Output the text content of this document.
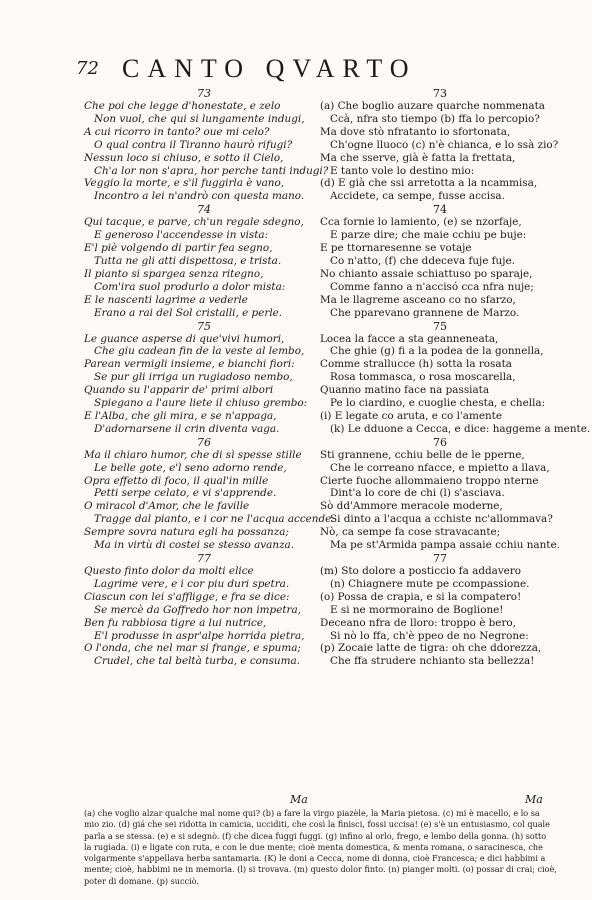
72 CANTO QVARTO
73
Che poi che legge d'honestate, e zelo
Non vuol, che qui si lungamente indugi,
A cui ricorro in tanto? oue mi celo?
O qual contra il Tiranno haurò rifugi?
Nessun loco si chiuso, e sotto il Cielo,
Ch'a lor non s'apra, hor perche tanti indugi?
Veggio la morte, e s'il fuggirla è vano,
Incontro a lei n'andrò con questa mano.
74
Qui tacque, e parve, ch'un regale sdegno,
E generoso l'accendesse in vista:
E'l piè volgendo di partir fea segno,
Tutta ne gli atti dispettosa, e trista.
Il pianto si spargea senza ritegno,
Com'ira suol produrlo a dolor mista:
E le nascenti lagrime a vederle
Erano a rai del Sol cristalli, e perle.
75
Le guance asperse di que'vivi humori,
Che giu cadean fin de la veste al lembo,
Parean vermigli insieme, e bianchi fiori:
Se pur gli irriga un rugiadoso nembo,
Quando su l'apparir de' primi albori
Spiegano a l'aure liete il chiuso grembo:
E l'Alba, che gli mira, e se n'appaga,
D'adornarsene il crin diventa vaga.
76
Ma il chiaro humor, che di sì spesse stille
Le belle gote, e'l seno adorno rende,
Opra effetto di foco, il qual'in mille
Petti serpe celato, e vi s'apprende.
O miracol d'Amor, che le faville
Tragge dal pianto, e i cor ne l'acqua accende:
Sempre sovra natura egli ha possanza;
Ma in virtù di costei se stesso avanza.
77
Questo finto dolor da molti elice
Lagrime vere, e i cor piu duri spetra.
Ciascun con lei s'affligge, e fra se dice:
Se mercè da Goffredo hor non impetra,
Ben fu rabbiosa tigre a lui nutrice,
E'l produsse in aspr'alpe horrida pietra,
O l'onda, che nel mar si frange, e spuma;
Crudel, che tal beltà turba, e consuma.
73
(a) Che boglio auzare quarche nommenata
Ccà, nfra sto tiempo (b) ffa lo percopio?
Ma dove stò nfratanto io sfortonata,
Ch'ogne lluoco (c) n'è chianca, e lo ssà zio?
Ma che sserve, già è fatta la frettata,
E tanto vole lo destino mio:
(d) E già che ssi arretotta a la ncammisa,
Accidete, ca sempe, fusse accisa.
74
Cca fornie lo lamiento, (e) se nzorfaje,
E parze dire; che maie cchiu pe buje:
E pe ttornaresenne se votaje
Co n'atto, (f) che ddeceva fuje fuje.
No chianto assaie schiattuso po sparaje,
Comme fanno a n'accisó cca nfra nuje;
Ma le llagreme asceano co no sfarzo,
Che pparevano grannene de Marzo.
75
Locea la facce a sta geanneneata,
Che ghie (g) fi a la podea de la gonnella,
Comme strallucce (h) sotta la rosata
Rosa tommasca, o rosa moscarella,
Quanno matino face na passiata
Pe lo ciardino, e cuoglie chesta, e chella:
(i) E legate co aruta, e co l'amente
(k) Le dduone a Cecca, e dice: haggeme a mente.
76
Sti grannene, cchiu belle de le pperne,
Che le correano nfacce, e mpietto a llava,
Cierte fuoche allommaieno troppo nterne
Dint'a lo core de chi (l) s'asciava.
Sò dd'Ammore meracole moderne,
Si dinto a l'acqua a cchiste nc'allommava?
Nò, ca sempe fa cose stravacante;
Ma pe st'Armida pampa assaie cchiu nante.
77
(m) Sto dolore a posticcio fa addavero
(n) Chiagnere mute pe ccompassione.
(o) Possa de crapia, e si la compatero!
E si ne mormoraino de Boglione!
Deceano nfra de lloro: troppo è bero,
Si nò lo ffa, ch'è ppeo de no Negrone:
(p) Zocaie latte de tigra: oh che ddorezza,
Che ffa strudere nchianto sta bellezza!
Ma	Ma
(a) che voglio alzar qualche mal nome qui? (b) a fare la virgo piazèle, la Maria pietosa. (c) mi è macello, e lo sa
mio zio. (d) giá che sei ridotta in camicia, ucciditi, che così la finisci, fossi uccisa! (e) s'è un entusiasmo, col quale
parla a se stessa. (e) e si sdegnò. (f) che dicea fuggi fuggi. (g) infino al orlo, frego, e lembo della gonna. (h) sotto
la rugiada. (i) e ligate con ruta, e con le due mente; cioè menta domestica, & menta romana, o saracinesca, che
volgarmente s'appellava herba santamaria. (K) le doni a Cecca, nome di donna, cioè Francesca; e dici habbimi a
mente; cioè, habbimi ne in memoria. (l) si trovava. (m) questo dolor finto. (n) pianger molti. (o) possar di crai; cioè,
poter di domane. (p) succiò.
